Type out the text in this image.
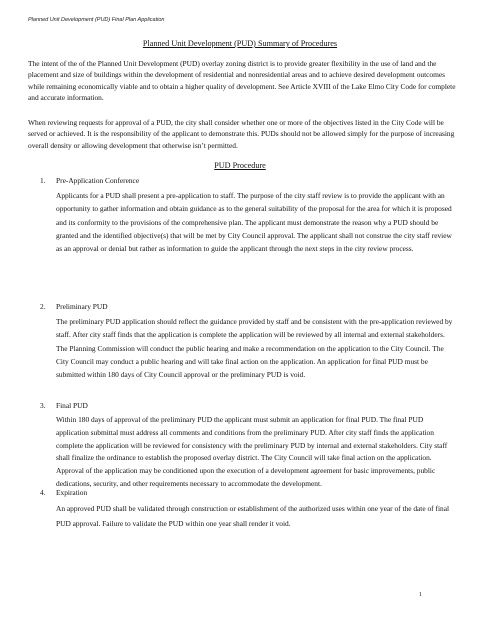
Planned Unit Development (PUD) Final Plan Application
Planned Unit Development (PUD) Summary of Procedures

The intent of the of the Planned Unit Development (PUD) overlay zoning district is to provide greater flexibility in the use of land and the placement and size of buildings within the development of residential and nonresidential areas and to achieve desired development outcomes while remaining economically viable and to obtain a higher quality of development. See Article XVIII of the Lake Elmo City Code for complete and accurate information.

When reviewing requests for approval of a PUD, the city shall consider whether one or more of the objectives listed in the City Code will be served or achieved. It is the responsibility of the applicant to demonstrate this. PUDs should not be allowed simply for the purpose of increasing overall density or allowing development that otherwise isn’t permitted.

PUD Procedure
1. Pre-Application Conference

Applicants for a PUD shall present a pre-application to staff. The purpose of the city staff review is to provide the applicant with an opportunity to gather information and obtain guidance as to the general suitability of the proposal for the area for which it is proposed and its conformity to the provisions of the comprehensive plan. The applicant must demonstrate the reason why a PUD should be granted and the identified objective(s) that will be met by City Council approval. The applicant shall not construe the city staff review as an approval or denial but rather as information to guide the applicant through the next steps in the city review process.

2. Preliminary PUD

The preliminary PUD application should reflect the guidance provided by staff and be consistent with the pre-application reviewed by staff. After city staff finds that the application is complete the application will be reviewed by all internal and external stakeholders. The Planning Commission will conduct the public hearing and make a recommendation on the application to the City Council. The City Council may conduct a public hearing and will take final action on the application. An application for final PUD must be submitted within 180 days of City Council approval or the preliminary PUD is void.

3. Final PUD

Within 180 days of approval of the preliminary PUD the applicant must submit an application for final PUD. The final PUD application submittal must address all comments and conditions from the preliminary PUD. After city staff finds the application complete the application will be reviewed for consistency with the preliminary PUD by internal and external stakeholders. City staff shall finalize the ordinance to establish the proposed overlay district. The City Council will take final action on the application. Approval of the application may be conditioned upon the execution of a development agreement for basic improvements, public dedications, security, and other requirements necessary to accommodate the development.

4. Expiration

An approved PUD shall be validated through construction or establishment of the authorized uses within one year of the date of final PUD approval. Failure to validate the PUD within one year shall render it void.

1
